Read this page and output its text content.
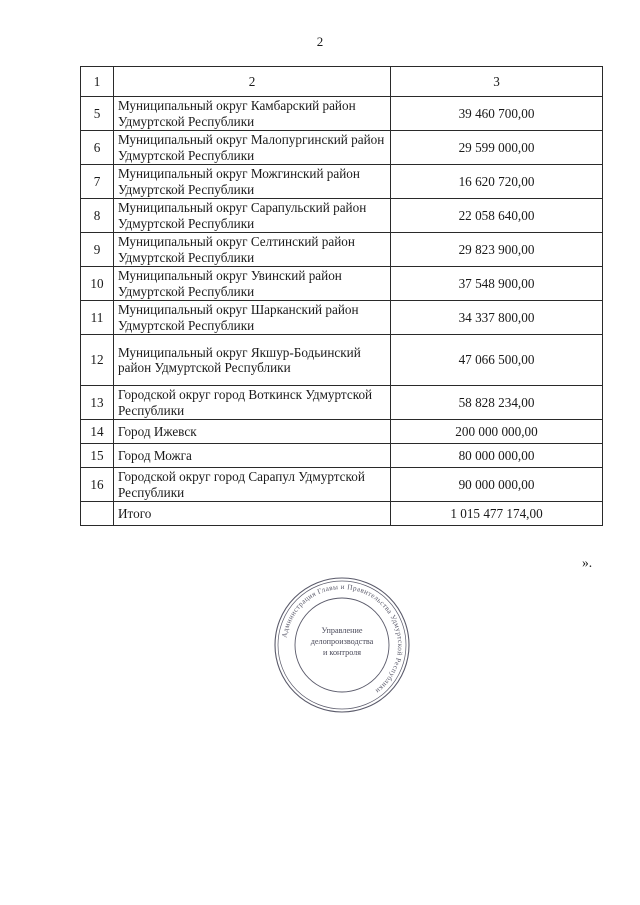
2
1	2	3
5	Муниципальный округ Камбарский район Удмуртской Республики	39 460 700,00
6	Муниципальный округ Малопургинский район Удмуртской Республики	29 599 000,00
7	Муниципальный округ Можгинский район Удмуртской Республики	16 620 720,00
8	Муниципальный округ Сарапульский район Удмуртской Республики	22 058 640,00
9	Муниципальный округ Селтинский район Удмуртской Республики	29 823 900,00
10	Муниципальный округ Увинский район Удмуртской Республики	37 548 900,00
11	Муниципальный округ Шарканский район Удмуртской Республики	34 337 800,00
12	Муниципальный округ Якшур-Бодьинский район Удмуртской Республики	47 066 500,00
13	Городской округ город Воткинск Удмуртской Республики	58 828 234,00
14	Город Ижевск	200 000 000,00
15	Город Можга	80 000 000,00
16	Городской округ город Сарапул Удмуртской Республики	90 000 000,00
	Итого	1 015 477 174,00
».
Администрация Главы и Правительства Удмуртской Республики
Управление
делопроизводства
и контроля
